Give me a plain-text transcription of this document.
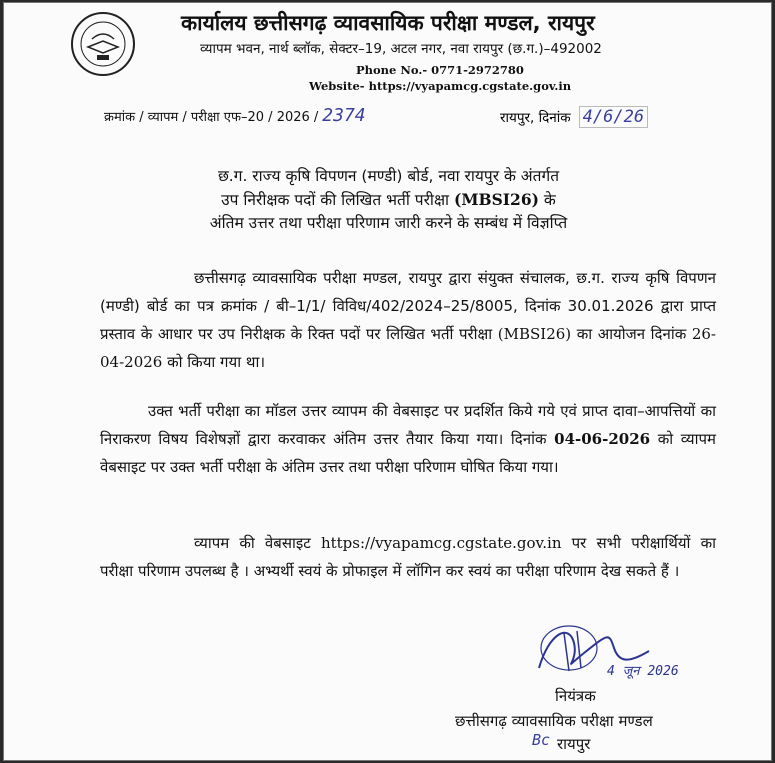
कार्यालय छत्तीसगढ़ व्यावसायिक परीक्षा मण्डल, रायपुर
व्यापम भवन, नार्थ ब्लॉक, सेक्टर–19, अटल नगर, नवा रायपुर (छ.ग.)–492002
Phone No.- 0771-2972780
Website- https://vyapamcg.cgstate.gov.in
क्रमांक / व्यापम / परीक्षा एफ–20 / 2026 / 2374	रायपुर, दिनांक 4/6/26
छ.ग. राज्य कृषि विपणन (मण्डी) बोर्ड, नवा रायपुर के अंतर्गत
उप निरीक्षक पदों की लिखित भर्ती परीक्षा (MBSI26) के
अंतिम उत्तर तथा परीक्षा परिणाम जारी करने के सम्बंध में विज्ञप्ति
छत्तीसगढ़ व्यावसायिक परीक्षा मण्डल, रायपुर द्वारा संयुक्त संचालक, छ.ग. राज्य कृषि विपणन (मण्डी) बोर्ड का पत्र क्रमांक / बी–1/1/ विविध/402/2024–25/8005, दिनांक 30.01.2026 द्वारा प्राप्त प्रस्ताव के आधार पर उप निरीक्षक के रिक्त पदों पर लिखित भर्ती परीक्षा (MBSI26) का आयोजन दिनांक 26-04-2026 को किया गया था।
उक्त भर्ती परीक्षा का मॉडल उत्तर व्यापम की वेबसाइट पर प्रदर्शित किये गये एवं प्राप्त दावा–आपत्तियों का निराकरण विषय विशेषज्ञों द्वारा करवाकर अंतिम उत्तर तैयार किया गया। दिनांक 04-06-2026 को व्यापम वेबसाइट पर उक्त भर्ती परीक्षा के अंतिम उत्तर तथा परीक्षा परिणाम घोषित किया गया।
व्यापम की वेबसाइट https://vyapamcg.cgstate.gov.in पर सभी परीक्षार्थियों का परीक्षा परिणाम उपलब्ध है । अभ्यर्थी स्वयं के प्रोफाइल में लॉगिन कर स्वयं का परीक्षा परिणाम देख सकते हैं ।
4 जून 2026
नियंत्रक
छत्तीसगढ़ व्यावसायिक परीक्षा मण्डल
रायपुर
Bc
